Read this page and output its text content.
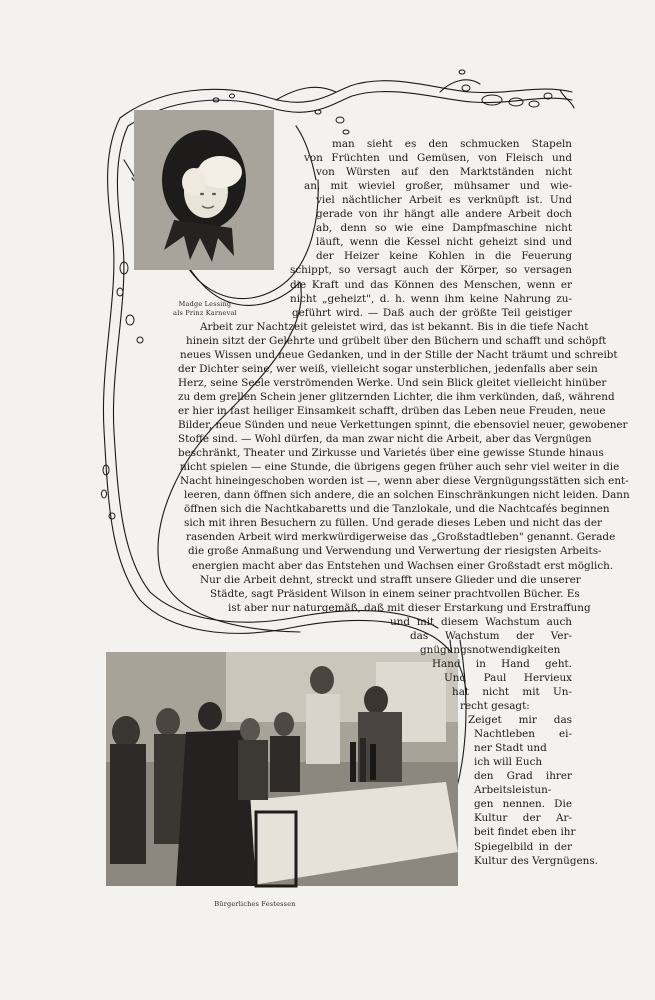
Madge Lessing
als Prinz Karneval
Bürgerliches Festessen
man sieht es den schmucken Stapeln
von Früchten und Gemüsen, von Fleisch und
von Würsten auf den Marktständen nicht
an, mit wieviel großer, mühsamer und wie-
viel nächtlicher Arbeit es verknüpft ist. Und
gerade von ihr hängt alle andere Arbeit doch
ab, denn so wie eine Dampfmaschine nicht
läuft, wenn die Kessel nicht geheizt sind und
der Heizer keine Kohlen in die Feuerung
schippt, so versagt auch der Körper, so versagen
die Kraft und das Können des Menschen, wenn er
nicht „geheizt", d. h. wenn ihm keine Nahrung zu-
geführt wird. — Daß auch der größte Teil geistiger
Arbeit zur Nachtzeit geleistet wird, das ist bekannt. Bis in die tiefe Nacht
hinein sitzt der Gelehrte und grübelt über den Büchern und schafft und schöpft
neues Wissen und neue Gedanken, und in der Stille der Nacht träumt und schreibt
der Dichter seine, wer weiß, vielleicht sogar unsterblichen, jedenfalls aber sein
Herz, seine Seele verströmenden Werke. Und sein Blick gleitet vielleicht hinüber
zu dem grellen Schein jener glitzernden Lichter, die ihm verkünden, daß, während
er hier in fast heiliger Einsamkeit schafft, drüben das Leben neue Freuden, neue
Bilder, neue Sünden und neue Verkettungen spinnt, die ebensoviel neuer, gewobener
Stoffe sind. — Wohl dürfen, da man zwar nicht die Arbeit, aber das Vergnügen
beschränkt, Theater und Zirkusse und Varietés über eine gewisse Stunde hinaus
nicht spielen — eine Stunde, die übrigens gegen früher auch sehr viel weiter in die
Nacht hineingeschoben worden ist —, wenn aber diese Vergnügungsstätten sich ent-
leeren, dann öffnen sich andere, die an solchen Einschränkungen nicht leiden. Dann
öffnen sich die Nachtkabaretts und die Tanzlokale, und die Nachtcafés beginnen
sich mit ihren Besuchern zu füllen. Und gerade dieses Leben und nicht das der
rasenden Arbeit wird merkwürdigerweise das „Großstadtleben" genannt. Gerade
die große Anmaßung und Verwendung und Verwertung der riesigsten Arbeits-
energien macht aber das Entstehen und Wachsen einer Großstadt erst möglich.
Nur die Arbeit dehnt, streckt und strafft unsere Glieder und die unserer
Städte, sagt Präsident Wilson in einem seiner prachtvollen Bücher. Es
ist aber nur naturgemäß, daß mit dieser Erstarkung und Erstraffung
und mit diesem Wachstum auch
das Wachstum der Ver-
gnügungsnotwendigkeiten
Hand in Hand geht.
Und Paul Hervieux
hat nicht mit Un-
recht gesagt:
Zeiget mir das
Nachtleben ei-
ner Stadt und
ich will Euch
den Grad ihrer
Arbeitsleistun-
gen nennen. Die
Kultur der Ar-
beit findet eben ihr
Spiegelbild in der
Kultur des Vergnügens.
